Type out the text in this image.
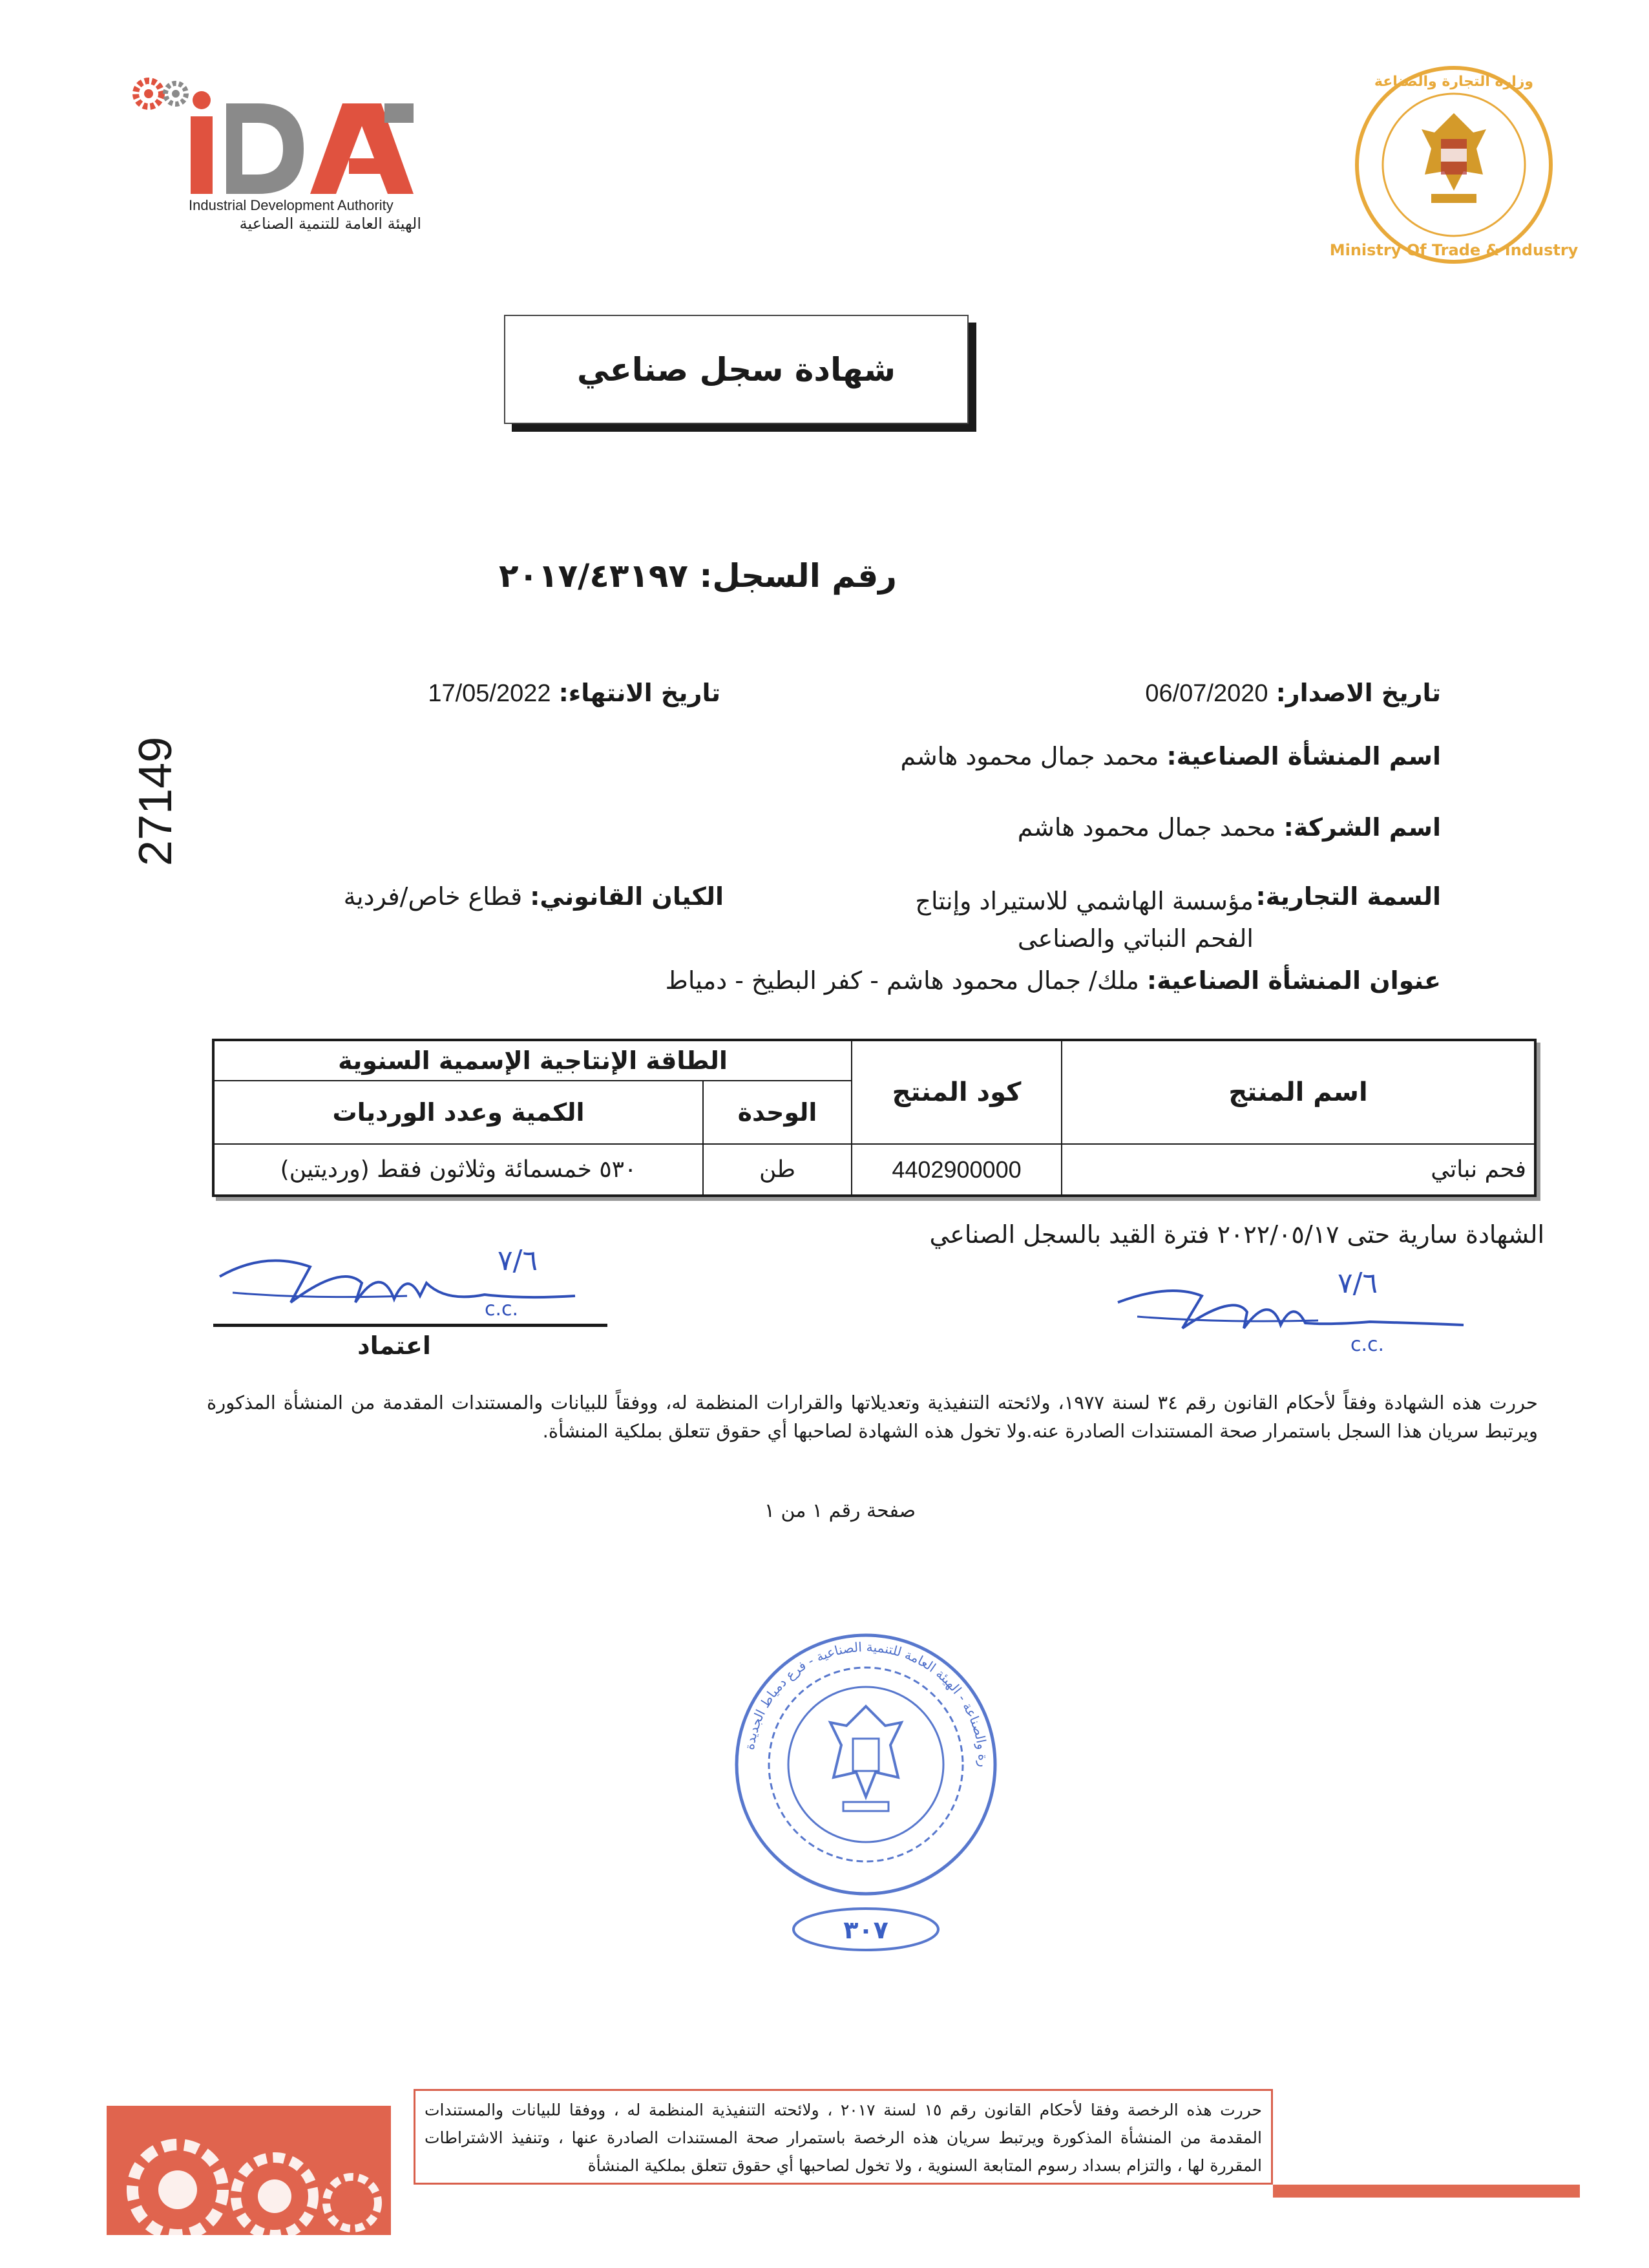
Industrial Development Authority
الهيئة العامة للتنمية الصناعية
Ministry Of Trade & Industry
وزارة التجارة والصناعة
شهادة سجل صناعي
رقم السجل: ٢٠١٧/٤٣١٩٧
تاريخ الاصدار: 06/07/2020
تاريخ الانتهاء: 17/05/2022
اسم المنشأة الصناعية: محمد جمال محمود هاشم
اسم الشركة: محمد جمال محمود هاشم
السمة التجارية:
مؤسسة الهاشمي للاستيراد وإنتاج
الفحم النباتي والصناعى
الكيان القانوني: قطاع خاص/فردية
عنوان المنشأة الصناعية: ملك/ جمال محمود هاشم - كفر البطيخ - دمياط
27149
اسم المنتج
كود المنتج
الطاقة الإنتاجية الإسمية السنوية
الوحدة
الكمية وعدد الورديات
فحم نباتي
4402900000
طن
٥٣٠ خمسمائة وثلاثون فقط (ورديتين)
الشهادة سارية حتى ٢٠٢٢/٠٥/١٧ فترة القيد بالسجل الصناعي
٧/٦
c.c.
اعتماد
٧/٦
c.c.
حررت هذه الشهادة وفقاً لأحكام القانون رقم ٣٤ لسنة ١٩٧٧، ولائحته التنفيذية وتعديلاتها والقرارات المنظمة له، ووفقاً للبيانات والمستندات المقدمة من المنشأة المذكورة ويرتبط سريان هذا السجل باستمرار صحة المستندات الصادرة عنه.ولا تخول هذه الشهادة لصاحبها أي حقوق تتعلق بملكية المنشأة.
صفحة رقم ١ من ١
رة والصناعة - الهيئة العامة للتنمية الصناعية - فرع دمياط الجديدة
٣٠٧
حررت هذه الرخصة وفقا لأحكام القانون رقم ١٥ لسنة ٢٠١٧ ، ولائحته التنفيذية المنظمة له ، ووفقا للبيانات والمستندات المقدمة من المنشأة المذكورة ويرتبط سريان هذه الرخصة باستمرار صحة المستندات الصادرة عنها ، وتنفيذ الاشتراطات المقررة لها ، والتزام بسداد رسوم المتابعة السنوية ، ولا تخول لصاحبها أي حقوق تتعلق بملكية المنشأة
